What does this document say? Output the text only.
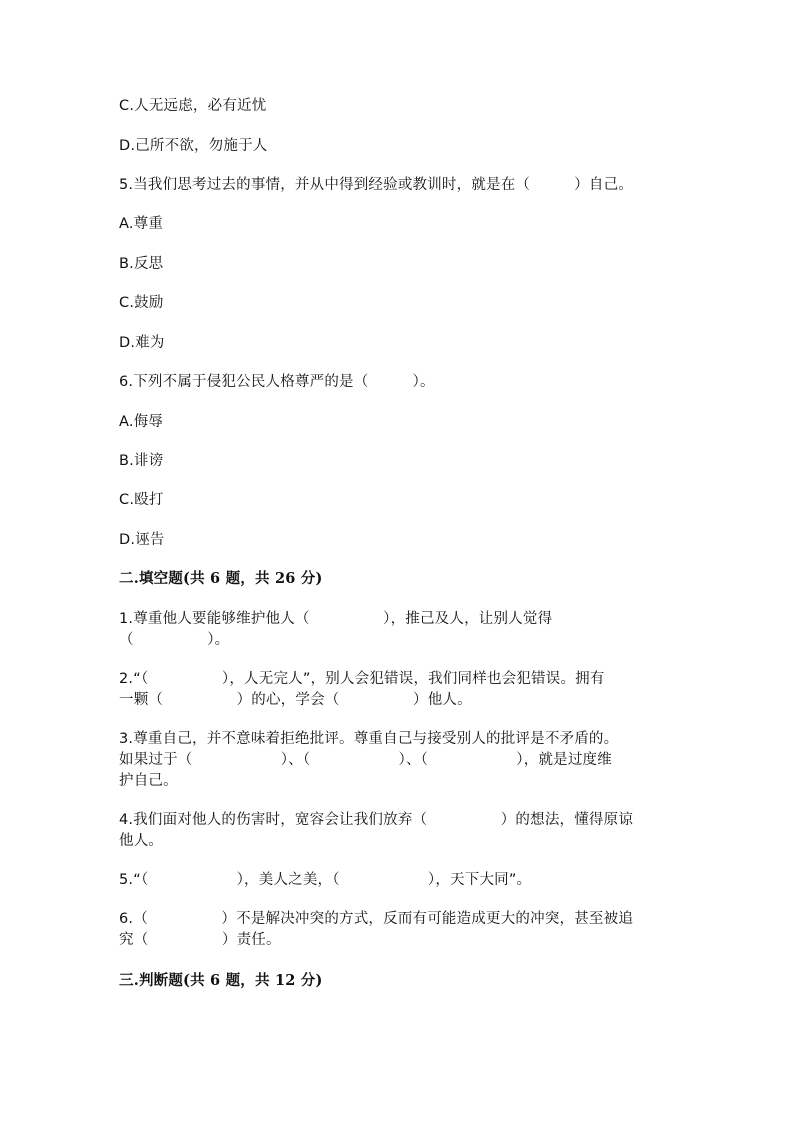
C.人无远虑，必有近忧
D.己所不欲，勿施于人
5.当我们思考过去的事情，并从中得到经验或教训时，就是在（　　　）自己。
A.尊重
B.反思
C.鼓励
D.难为
6.下列不属于侵犯公民人格尊严的是（　　　）。
A.侮辱
B.诽谤
C.殴打
D.诬告
二.填空题(共 6 题，共 26 分)
1.尊重他人要能够维护他人（　　　　　），推己及人，让别人觉得
（　　　　　）。
2.“（　　　　　），人无完人”，别人会犯错误，我们同样也会犯错误。拥有
一颗（　　　　　）的心，学会（　　　　　）他人。
3.尊重自己，并不意味着拒绝批评。尊重自己与接受别人的批评是不矛盾的。
如果过于（　　　　　　）、（　　　　　　）、（　　　　　　），就是过度维
护自己。
4.我们面对他人的伤害时，宽容会让我们放弃（　　　　　）的想法，懂得原谅
他人。
5.“（　　　　　　），美人之美，（　　　　　　），天下大同”。
6.（　　　　　）不是解决冲突的方式，反而有可能造成更大的冲突，甚至被追
究（　　　　　）责任。
三.判断题(共 6 题，共 12 分)
